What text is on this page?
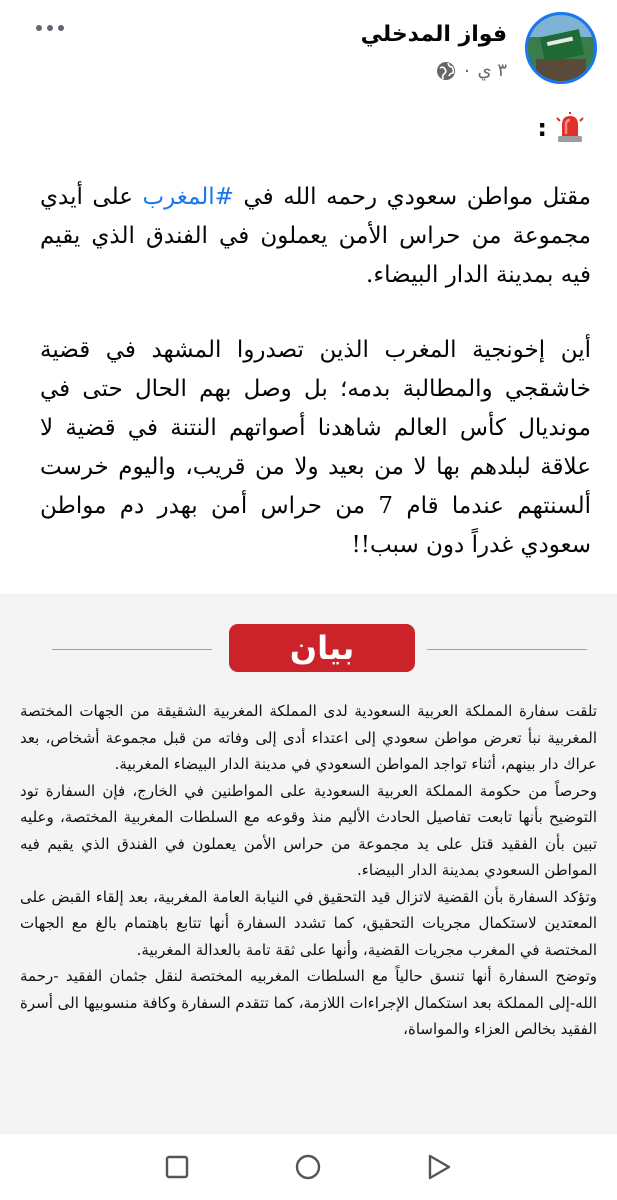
فواز المدخلي
٣ ي ٠
:

مقتل مواطن سعودي رحمه الله في #المغرب على أيدي مجموعة من حراس الأمن يعملون في الفندق الذي يقيم فيه بمدينة الدار البيضاء.

أين إخونجية المغرب الذين تصدروا المشهد في قضية خاشقجي والمطالبة بدمه؛ بل وصل بهم الحال حتى في مونديال كأس العالم شاهدنا أصواتهم النتنة في قضية لا علاقة لبلدهم بها لا من بعيد ولا من قريب، واليوم خرست ألسنتهم عندما قام 7 من حراس أمن بهدر دم مواطن سعودي غدراً دون سبب!!

بيان

تلقت سفارة المملكة العربية السعودية لدى المملكة المغربية الشقيقة من الجهات المختصة المغربية نبأ تعرض مواطن سعودي إلى اعتداء أدى إلى وفاته من قبل مجموعة أشخاص، بعد عراك دار بينهم، أثناء تواجد المواطن السعودي في مدينة الدار البيضاء المغربية.

وحرصاً من حكومة المملكة العربية السعودية على المواطنين في الخارج، فإن السفارة تود التوضيح بأنها تابعت تفاصيل الحادث الأليم منذ وقوعه مع السلطات المغربية المختصة، وعليه تبين بأن الفقيد قتل على يد مجموعة من حراس الأمن يعملون في الفندق الذي يقيم فيه المواطن السعودي بمدينة الدار البيضاء.

وتؤكد السفارة بأن القضية لاتزال قيد التحقيق في النيابة العامة المغربية، بعد إلقاء القبض على المعتدين لاستكمال مجريات التحقيق، كما تشدد السفارة أنها تتابع باهتمام بالغ مع الجهات المختصة في المغرب مجريات القضية، وأنها على ثقة تامة بالعدالة المغربية.

وتوضح السفارة أنها تنسق حالياً مع السلطات المغربيه المختصة لنقل جثمان الفقيد -رحمة الله-إلى المملكة بعد استكمال الإجراءات اللازمة، كما تتقدم السفارة وكافة منسوبيها الى أسرة الفقيد بخالص العزاء والمواساة،
